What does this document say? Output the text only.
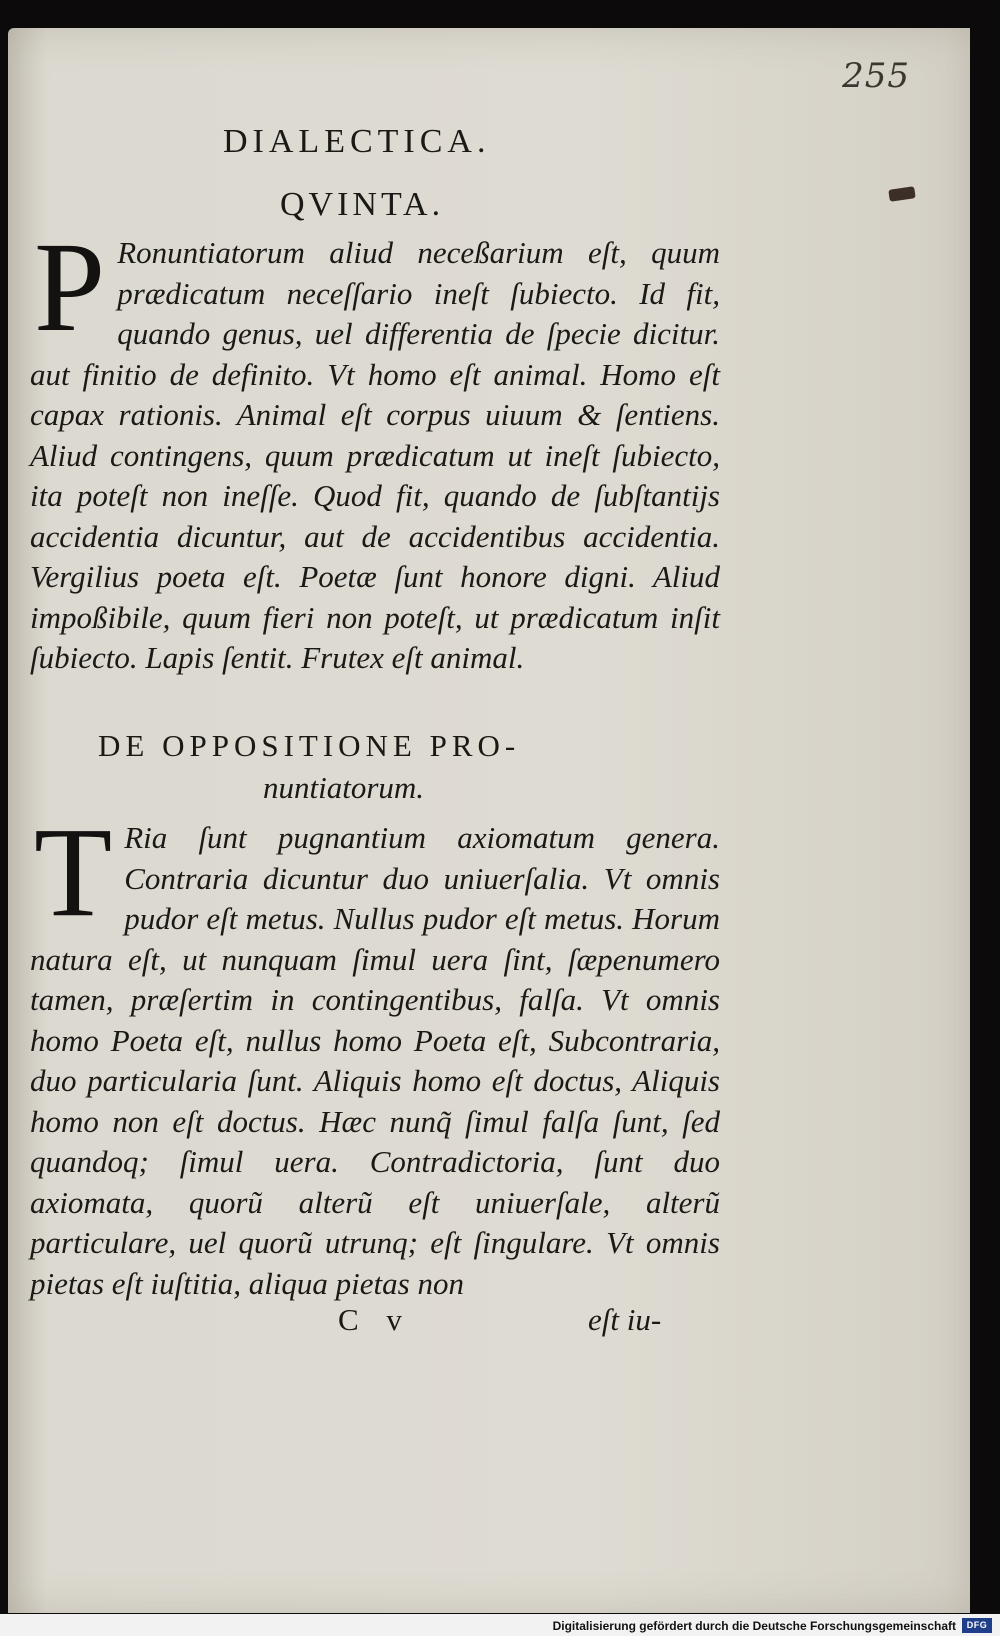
255
DIALECTICA.
QVINTA.
P Ronuntiatorum aliud neceßarium eſt, quum prædicatum neceſſario ineſt ſubiecto. Id fit, quando genus, uel differentia de ſpecie dicitur. aut finitio de definito. Vt homo eſt animal. Homo eſt capax rationis. Animal eſt corpus uiuum & ſentiens. Aliud contingens, quum prædicatum ut ineſt ſubiecto, ita poteſt non ineſſe. Quod fit, quando de ſubſtantijs accidentia dicuntur, aut de accidentibus accidentia. Vergilius poeta eſt. Poetæ ſunt honore digni. Aliud impoßibile, quum fieri non poteſt, ut prædicatum inſit ſubiecto. Lapis ſentit. Frutex eſt animal.

DE OPPOSITIONE PRO-
nuntiatorum.
T Ria ſunt pugnantium axiomatum genera. Contraria dicuntur duo uniuerſalia. Vt omnis pudor eſt metus. Nullus pudor eſt metus. Horum natura eſt, ut nunquam ſimul uera ſint, ſæpenumero tamen, præſertim in contingentibus, falſa. Vt omnis homo Poeta eſt, nullus homo Poeta eſt, Subcontraria, duo particularia ſunt. Aliquis homo eſt doctus, Aliquis homo non eſt doctus. Hæc nunq̃ ſimul falſa ſunt, ſed quandoq; ſimul uera. Contradictoria, ſunt duo axiomata, quorũ alterũ eſt uniuerſale, alterũ particulare, uel quorũ utrunq; eſt ſingulare. Vt omnis pietas eſt iuſtitia, aliqua pietas non

C v	eſt iu-
Digitalisierung gefördert durch die Deutsche Forschungsgemeinschaft	DFG
